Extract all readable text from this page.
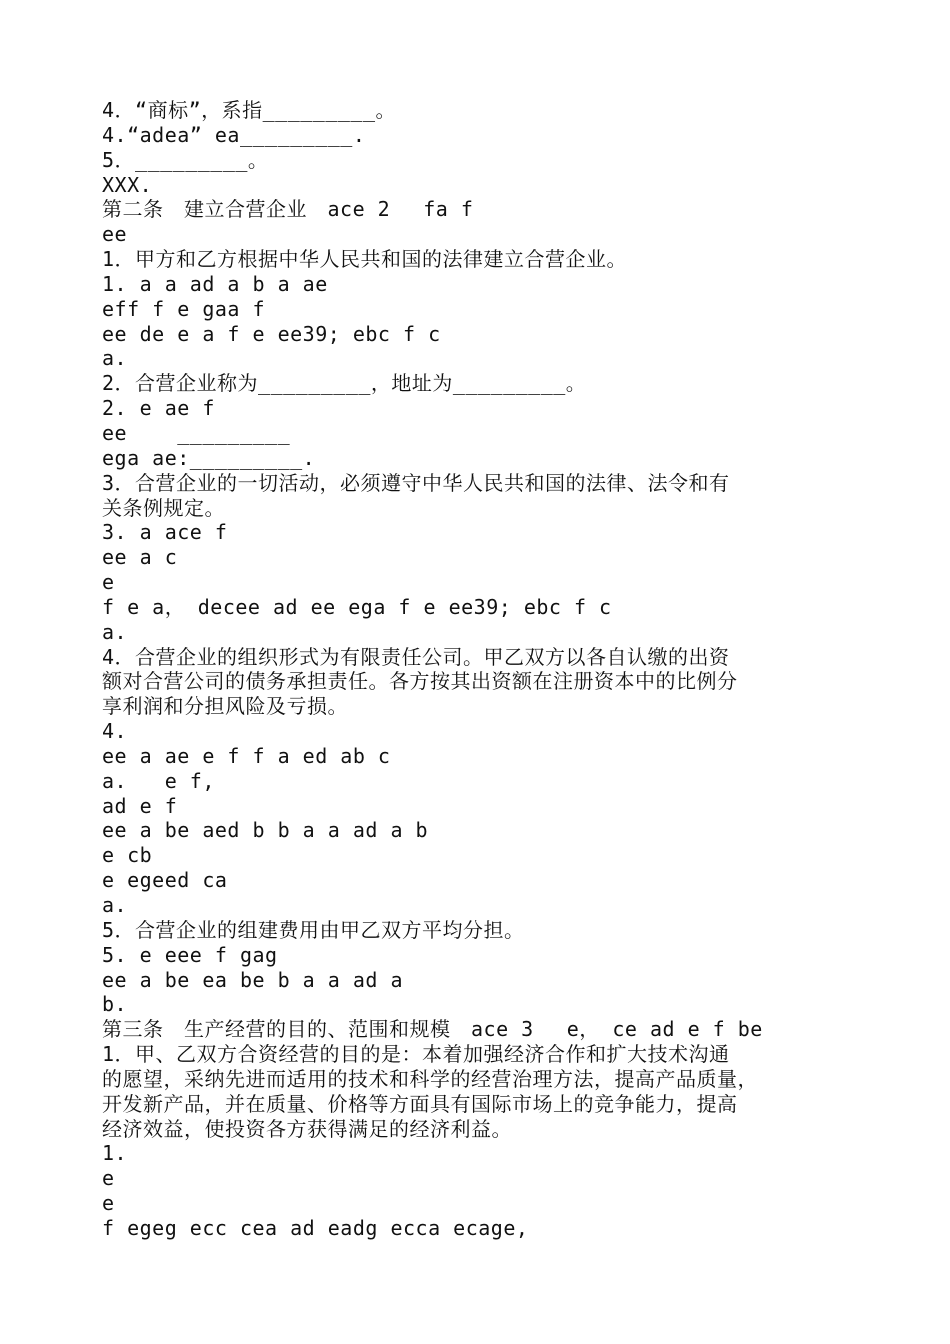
4．“商标”，系指_________。
4.“adea” ea_________.
5．_________。
XXX.
第二条　建立合营企业　ace 2　 fa f
ee
1．甲方和乙方根据中华人民共和国的法律建立合营企业。
1. a a ad a b a ae
eff f e gaa f
ee de e a f e ee39; ebc f c
a.
2．合营企业称为_________，地址为_________。
2. e ae f
ee    _________
ega ae:_________.
3．合营企业的一切活动，必须遵守中华人民共和国的法律、法令和有
关条例规定。
3. a ace f
ee a c
e
f e a， decee ad ee ega f e ee39; ebc f c
a.
4．合营企业的组织形式为有限责任公司。甲乙双方以各自认缴的出资
额对合营公司的债务承担责任。各方按其出资额在注册资本中的比例分
享利润和分担风险及亏损。
4.
ee a ae e f f a ed ab c
a.   e f,
ad e f
ee a be aed b b a a ad a b
e cb
e egeed ca
a.
5．合营企业的组建费用由甲乙双方平均分担。
5. e eee f gag
ee a be ea be b a a ad a
b.
第三条　生产经营的目的、范围和规模　ace 3　 e， ce ad e f be
1．甲、乙双方合资经营的目的是：本着加强经济合作和扩大技术沟通
的愿望，采纳先进而适用的技术和科学的经营治理方法，提高产品质量，
开发新产品，并在质量、价格等方面具有国际市场上的竞争能力，提高
经济效益，使投资各方获得满足的经济利益。
1.
e
e
f egeg ecc cea ad eadg ecca ecage,
